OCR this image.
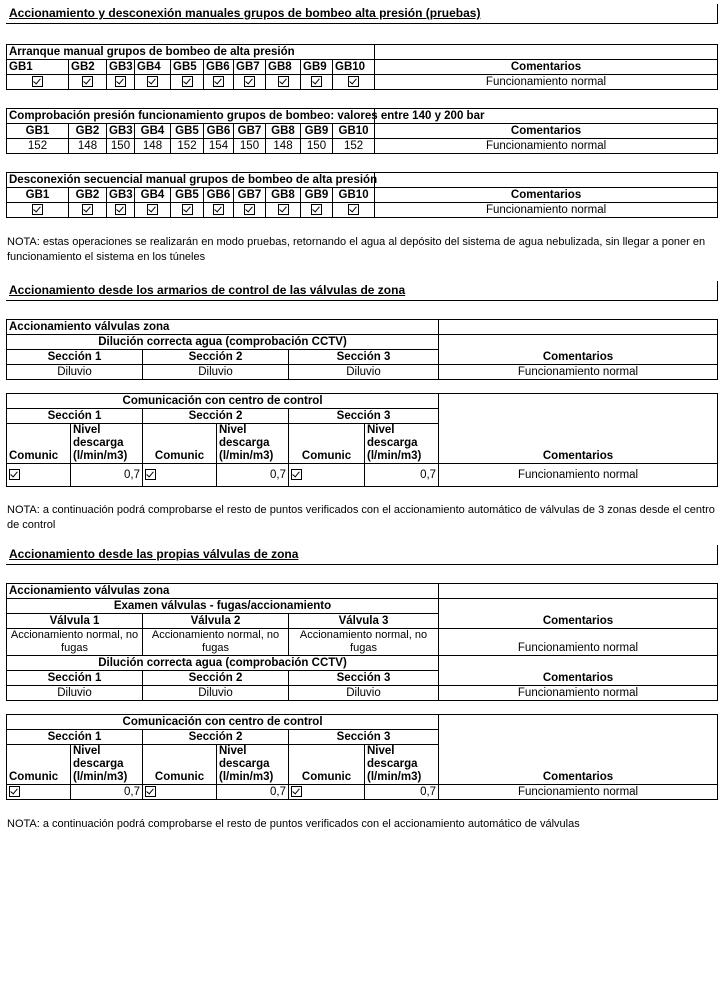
Accionamiento y desconexión manuales grupos de bombeo alta presión (pruebas)
Arranque manual grupos de bombeo de alta presión										
GB1	GB2	GB3	GB4	GB5	GB6	GB7	GB8	GB9	GB10	Comentarios
										Funcionamiento normal
Comprobación presión funcionamiento grupos de bombeo: valores entre 140 y 200 bar										
GB1	GB2	GB3	GB4	GB5	GB6	GB7	GB8	GB9	GB10	Comentarios
152	148	150	148	152	154	150	148	150	152	Funcionamiento normal
Desconexión secuencial manual grupos de bombeo de alta presión										
GB1	GB2	GB3	GB4	GB5	GB6	GB7	GB8	GB9	GB10	Comentarios
										Funcionamiento normal

NOTA: estas operaciones se realizarán en modo pruebas, retornando el agua al depósito del sistema de agua nebulizada, sin llegar a poner en funcionamiento el sistema en los túneles

Accionamiento desde los armarios de control de las válvulas de zona
Accionamiento válvulas zona			
Dilución correcta agua (comprobación CCTV)			
Sección 1	Sección 2	Sección 3	Comentarios
Diluvio	Diluvio	Diluvio	Funcionamiento normal
Comunicación con centro de control						
Sección 1		Sección 2		Sección 3		
Comunic	Nivel descarga (l/min/m3)	Comunic	Nivel descarga (l/min/m3)	Comunic	Nivel descarga (l/min/m3)	Comentarios
	0,7		0,7		0,7	Funcionamiento normal

NOTA: a continuación podrá comprobarse el resto de puntos verificados con el accionamiento automático de válvulas de 3 zonas desde el centro de control

Accionamiento desde las propias válvulas de zona
Accionamiento válvulas zona			
Examen válvulas - fugas/accionamiento			
Válvula 1	Válvula 2	Válvula 3	Comentarios
Accionamiento normal, no fugas	Accionamiento normal, no fugas	Accionamiento normal, no fugas	Funcionamiento normal
Dilución correcta agua (comprobación CCTV)			
Sección 1	Sección 2	Sección 3	Comentarios
Diluvio	Diluvio	Diluvio	Funcionamiento normal
Comunicación con centro de control						
Sección 1		Sección 2		Sección 3		
Comunic	Nivel descarga (l/min/m3)	Comunic	Nivel descarga (l/min/m3)	Comunic	Nivel descarga (l/min/m3)	Comentarios
	0,7		0,7		0,7	Funcionamiento normal

NOTA: a continuación podrá comprobarse el resto de puntos verificados con el accionamiento automático de válvulas
